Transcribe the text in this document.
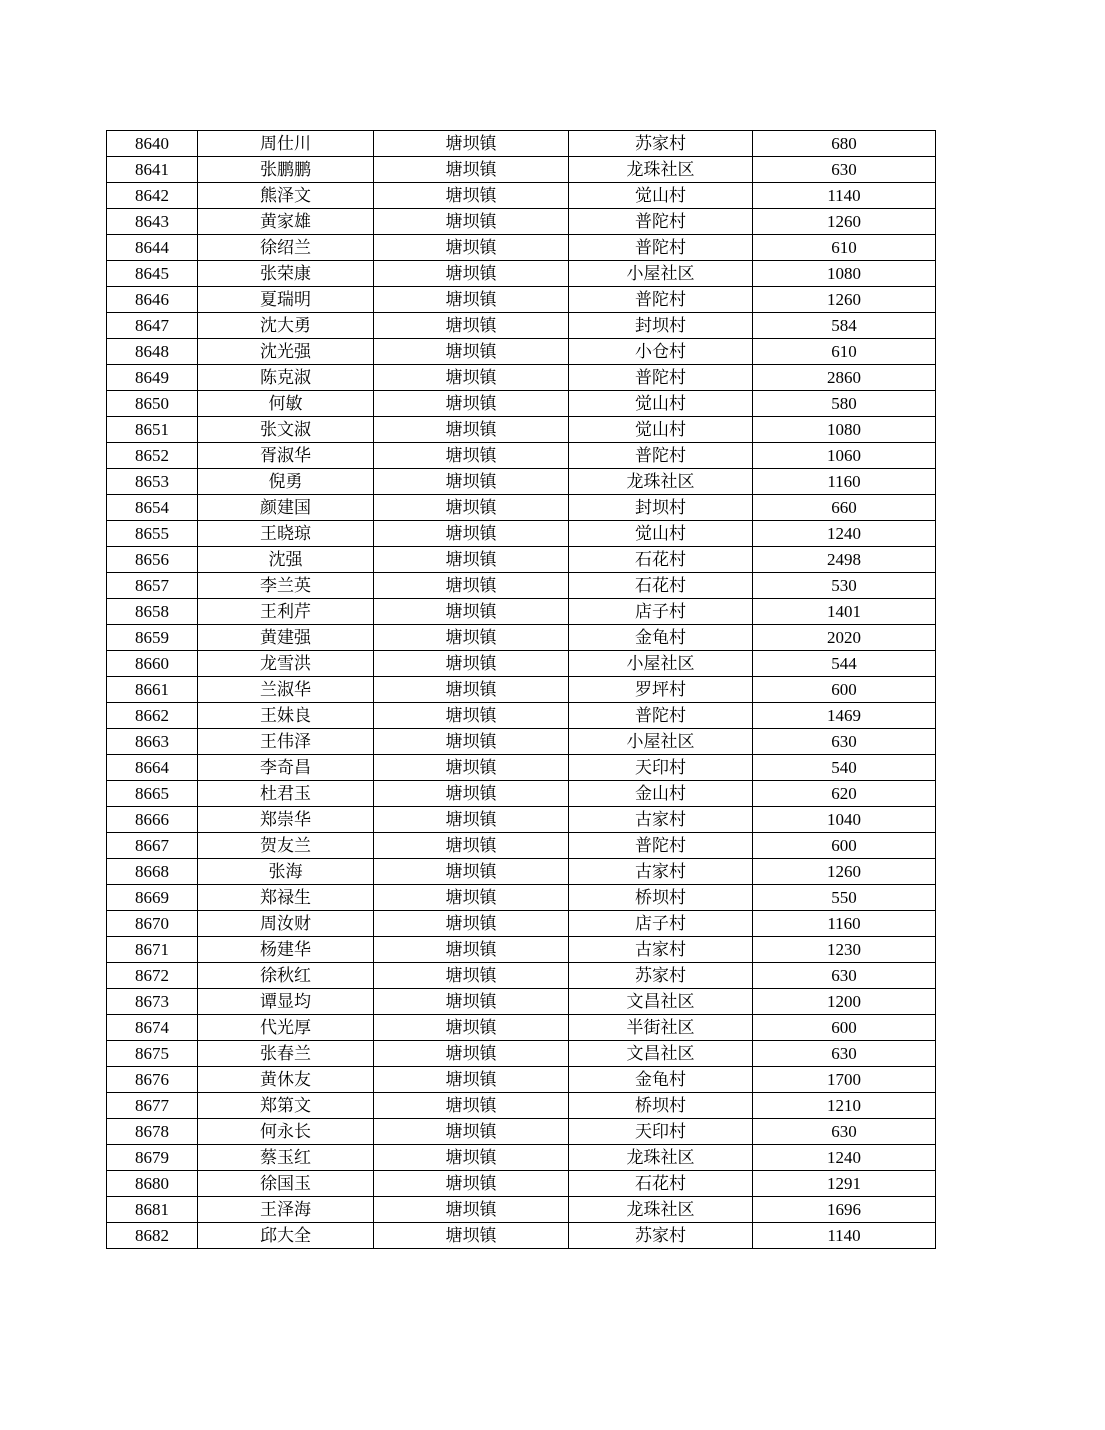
8640	周仕川	塘坝镇	苏家村	680
8641	张鹏鹏	塘坝镇	龙珠社区	630
8642	熊泽文	塘坝镇	觉山村	1140
8643	黄家雄	塘坝镇	普陀村	1260
8644	徐绍兰	塘坝镇	普陀村	610
8645	张荣康	塘坝镇	小屋社区	1080
8646	夏瑞明	塘坝镇	普陀村	1260
8647	沈大勇	塘坝镇	封坝村	584
8648	沈光强	塘坝镇	小仓村	610
8649	陈克淑	塘坝镇	普陀村	2860
8650	何敏	塘坝镇	觉山村	580
8651	张文淑	塘坝镇	觉山村	1080
8652	胥淑华	塘坝镇	普陀村	1060
8653	倪勇	塘坝镇	龙珠社区	1160
8654	颜建国	塘坝镇	封坝村	660
8655	王晓琼	塘坝镇	觉山村	1240
8656	沈强	塘坝镇	石花村	2498
8657	李兰英	塘坝镇	石花村	530
8658	王利芹	塘坝镇	店子村	1401
8659	黄建强	塘坝镇	金龟村	2020
8660	龙雪洪	塘坝镇	小屋社区	544
8661	兰淑华	塘坝镇	罗坪村	600
8662	王妹良	塘坝镇	普陀村	1469
8663	王伟泽	塘坝镇	小屋社区	630
8664	李奇昌	塘坝镇	天印村	540
8665	杜君玉	塘坝镇	金山村	620
8666	郑崇华	塘坝镇	古家村	1040
8667	贺友兰	塘坝镇	普陀村	600
8668	张海	塘坝镇	古家村	1260
8669	郑禄生	塘坝镇	桥坝村	550
8670	周汝财	塘坝镇	店子村	1160
8671	杨建华	塘坝镇	古家村	1230
8672	徐秋红	塘坝镇	苏家村	630
8673	谭显均	塘坝镇	文昌社区	1200
8674	代光厚	塘坝镇	半街社区	600
8675	张春兰	塘坝镇	文昌社区	630
8676	黄休友	塘坝镇	金龟村	1700
8677	郑第文	塘坝镇	桥坝村	1210
8678	何永长	塘坝镇	天印村	630
8679	蔡玉红	塘坝镇	龙珠社区	1240
8680	徐国玉	塘坝镇	石花村	1291
8681	王泽海	塘坝镇	龙珠社区	1696
8682	邱大全	塘坝镇	苏家村	1140
